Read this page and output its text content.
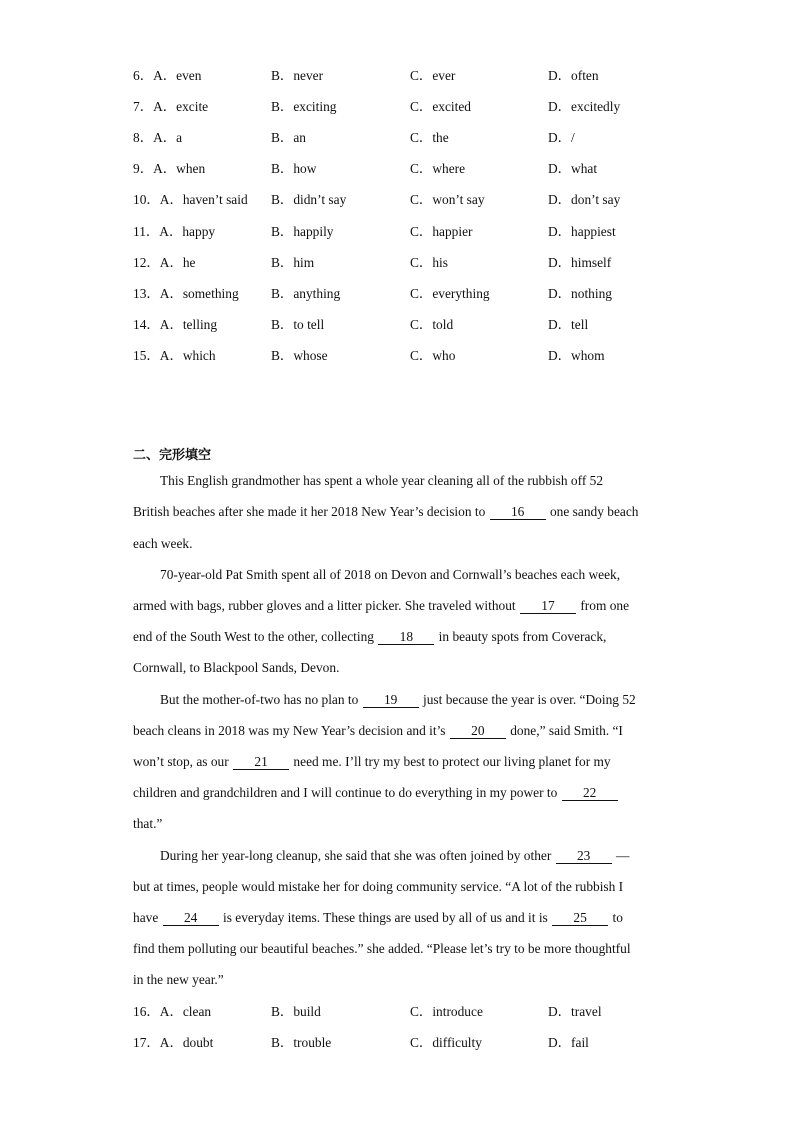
6．A．even	B．never	C．ever	D．often
7．A．excite	B．exciting	C．excited	D．excitedly
8．A．a	B．an	C．the	D．/
9．A．when	B．how	C．where	D．what
10．A．haven’t said B．didn’t say	C．won’t say	D．don’t say
11．A．happy	B．happily	C．happier	D．happiest
12．A．he	B．him	C．his	D．himself
13．A．something B．anything	C．everything	D．nothing
14．A．telling	B．to tell	C．told	D．tell
15．A．which	B．whose	C．who	D．whom
二、完形填空
This English grandmother has spent a whole year cleaning all of the rubbish off 52
British beaches after she made it her 2018 New Year’s decision to 16 one sandy beach
each week.
70-year-old Pat Smith spent all of 2018 on Devon and Cornwall’s beaches each week,
armed with bags, rubber gloves and a litter picker. She traveled without 17 from one
end of the South West to the other, collecting 18 in beauty spots from Coverack,
Cornwall, to Blackpool Sands, Devon.
But the mother-of-two has no plan to 19 just because the year is over. “Doing 52
beach cleans in 2018 was my New Year’s decision and it’s 20 done,” said Smith. “I
won’t stop, as our 21 need me. I’ll try my best to protect our living planet for my
children and grandchildren and I will continue to do everything in my power to 22
that.”
During her year-long cleanup, she said that she was often joined by other 23 —
but at times, people would mistake her for doing community service. “A lot of the rubbish I
have 24 is everyday items. These things are used by all of us and it is 25 to
find them polluting our beautiful beaches.” she added. “Please let’s try to be more thoughtful
in the new year.”
16．A．clean	B．build	C．introduce	D．travel
17．A．doubt	B．trouble	C．difficulty	D．fail
